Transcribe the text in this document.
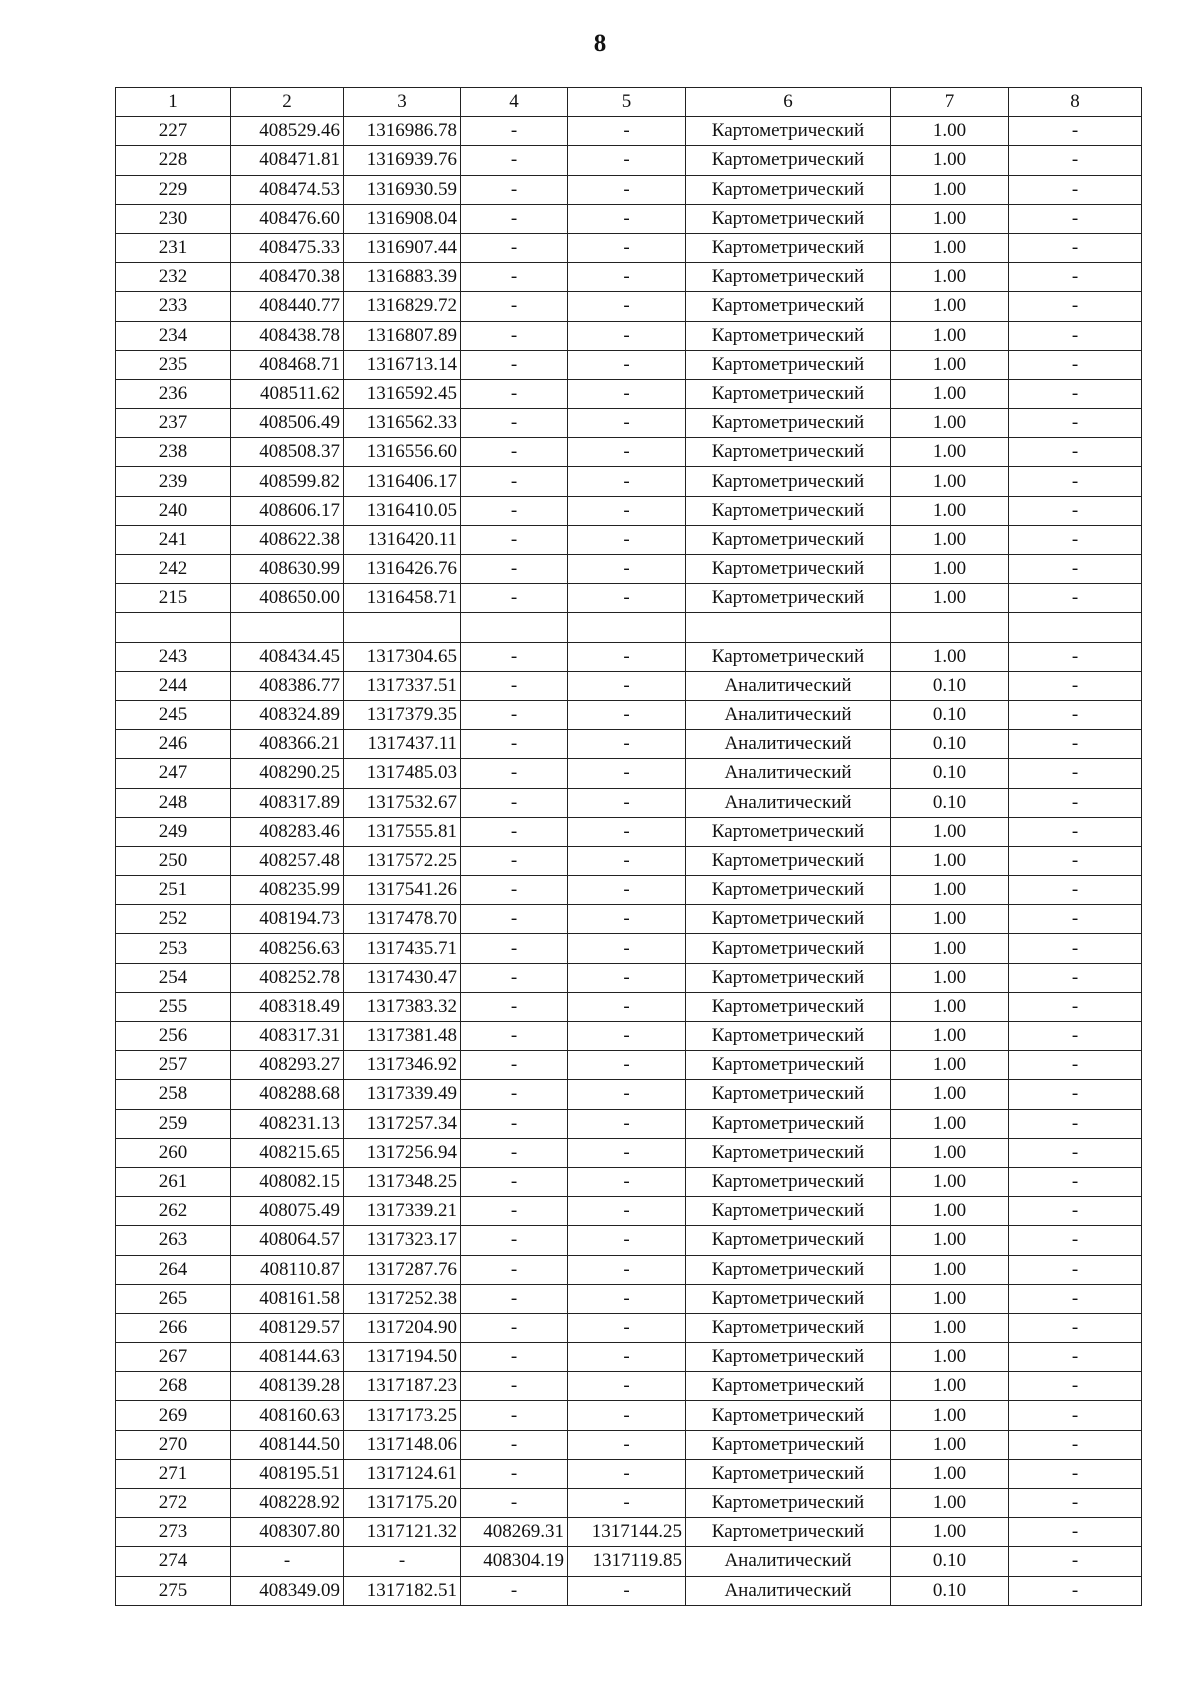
8
1	2	3	4	5	6	7	8
227	408529.46	1316986.78	-	-	Картометрический	1.00	-
228	408471.81	1316939.76	-	-	Картометрический	1.00	-
229	408474.53	1316930.59	-	-	Картометрический	1.00	-
230	408476.60	1316908.04	-	-	Картометрический	1.00	-
231	408475.33	1316907.44	-	-	Картометрический	1.00	-
232	408470.38	1316883.39	-	-	Картометрический	1.00	-
233	408440.77	1316829.72	-	-	Картометрический	1.00	-
234	408438.78	1316807.89	-	-	Картометрический	1.00	-
235	408468.71	1316713.14	-	-	Картометрический	1.00	-
236	408511.62	1316592.45	-	-	Картометрический	1.00	-
237	408506.49	1316562.33	-	-	Картометрический	1.00	-
238	408508.37	1316556.60	-	-	Картометрический	1.00	-
239	408599.82	1316406.17	-	-	Картометрический	1.00	-
240	408606.17	1316410.05	-	-	Картометрический	1.00	-
241	408622.38	1316420.11	-	-	Картометрический	1.00	-
242	408630.99	1316426.76	-	-	Картометрический	1.00	-
215	408650.00	1316458.71	-	-	Картометрический	1.00	-

243	408434.45	1317304.65	-	-	Картометрический	1.00	-
244	408386.77	1317337.51	-	-	Аналитический	0.10	-
245	408324.89	1317379.35	-	-	Аналитический	0.10	-
246	408366.21	1317437.11	-	-	Аналитический	0.10	-
247	408290.25	1317485.03	-	-	Аналитический	0.10	-
248	408317.89	1317532.67	-	-	Аналитический	0.10	-
249	408283.46	1317555.81	-	-	Картометрический	1.00	-
250	408257.48	1317572.25	-	-	Картометрический	1.00	-
251	408235.99	1317541.26	-	-	Картометрический	1.00	-
252	408194.73	1317478.70	-	-	Картометрический	1.00	-
253	408256.63	1317435.71	-	-	Картометрический	1.00	-
254	408252.78	1317430.47	-	-	Картометрический	1.00	-
255	408318.49	1317383.32	-	-	Картометрический	1.00	-
256	408317.31	1317381.48	-	-	Картометрический	1.00	-
257	408293.27	1317346.92	-	-	Картометрический	1.00	-
258	408288.68	1317339.49	-	-	Картометрический	1.00	-
259	408231.13	1317257.34	-	-	Картометрический	1.00	-
260	408215.65	1317256.94	-	-	Картометрический	1.00	-
261	408082.15	1317348.25	-	-	Картометрический	1.00	-
262	408075.49	1317339.21	-	-	Картометрический	1.00	-
263	408064.57	1317323.17	-	-	Картометрический	1.00	-
264	408110.87	1317287.76	-	-	Картометрический	1.00	-
265	408161.58	1317252.38	-	-	Картометрический	1.00	-
266	408129.57	1317204.90	-	-	Картометрический	1.00	-
267	408144.63	1317194.50	-	-	Картометрический	1.00	-
268	408139.28	1317187.23	-	-	Картометрический	1.00	-
269	408160.63	1317173.25	-	-	Картометрический	1.00	-
270	408144.50	1317148.06	-	-	Картометрический	1.00	-
271	408195.51	1317124.61	-	-	Картометрический	1.00	-
272	408228.92	1317175.20	-	-	Картометрический	1.00	-
273	408307.80	1317121.32	408269.31	1317144.25	Картометрический	1.00	-
274	-	-	408304.19	1317119.85	Аналитический	0.10	-
275	408349.09	1317182.51	-	-	Аналитический	0.10	-
